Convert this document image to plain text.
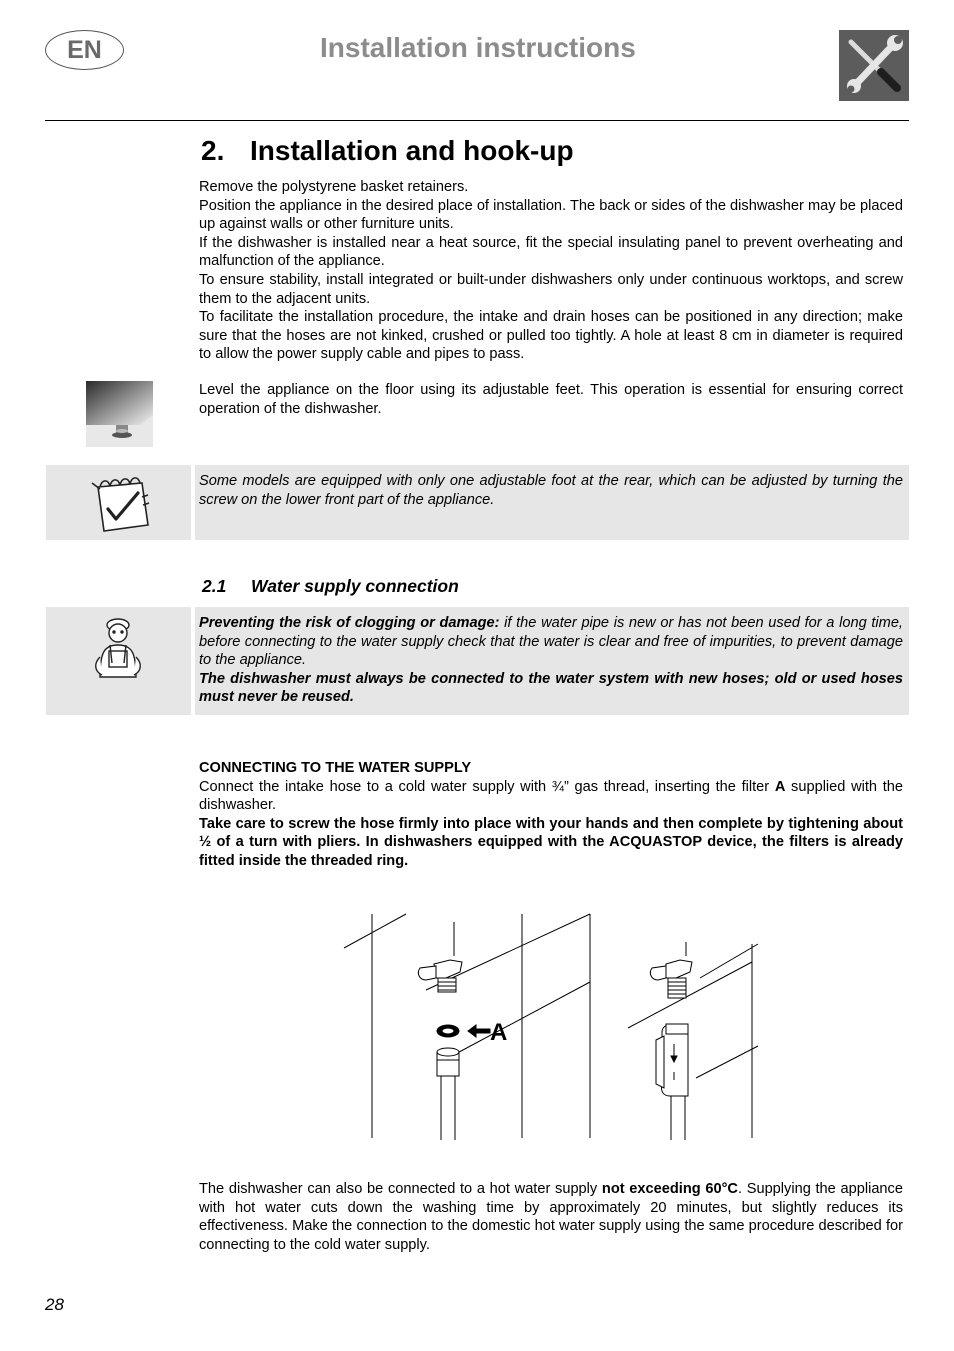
EN	Installation instructions
2. Installation and hook-up

Remove the polystyrene basket retainers.

Position the appliance in the desired place of installation. The back or sides of the dishwasher may be placed up against walls or other furniture units.

If the dishwasher is installed near a heat source, fit the special insulating panel to prevent overheating and malfunction of the appliance.

To ensure stability, install integrated or built-under dishwashers only under continuous worktops, and screw them to the adjacent units.

To facilitate the installation procedure, the intake and drain hoses can be positioned in any direction; make sure that the hoses are not kinked, crushed or pulled too tightly. A hole at least 8 cm in diameter is required to allow the power supply cable and pipes to pass.

Level the appliance on the floor using its adjustable feet. This operation is essential for ensuring correct operation of the dishwasher.
Some models are equipped with only one adjustable foot at the rear, which can be adjusted by turning the screw on the lower front part of the appliance.
2.1 Water supply connection

Preventing the risk of clogging or damage: if the water pipe is new or has not been used for a long time, before connecting to the water supply check that the water is clear and free of impurities, to prevent damage to the appliance.

The dishwasher must always be connected to the water system with new hoses; old or used hoses must never be reused.

CONNECTING TO THE WATER SUPPLY

Connect the intake hose to a cold water supply with ¾” gas thread, inserting the filter A supplied with the dishwasher.

Take care to screw the hose firmly into place with your hands and then complete by tightening about ½ of a turn with pliers. In dishwashers equipped with the ACQUASTOP device, the filters is already fitted inside the threaded ring.

A
The dishwasher can also be connected to a hot water supply not exceeding 60°C. Supplying the appliance with hot water cuts down the washing time by approximately 20 minutes, but slightly reduces its effectiveness. Make the connection to the domestic hot water supply using the same procedure described for connecting to the cold water supply.
28
